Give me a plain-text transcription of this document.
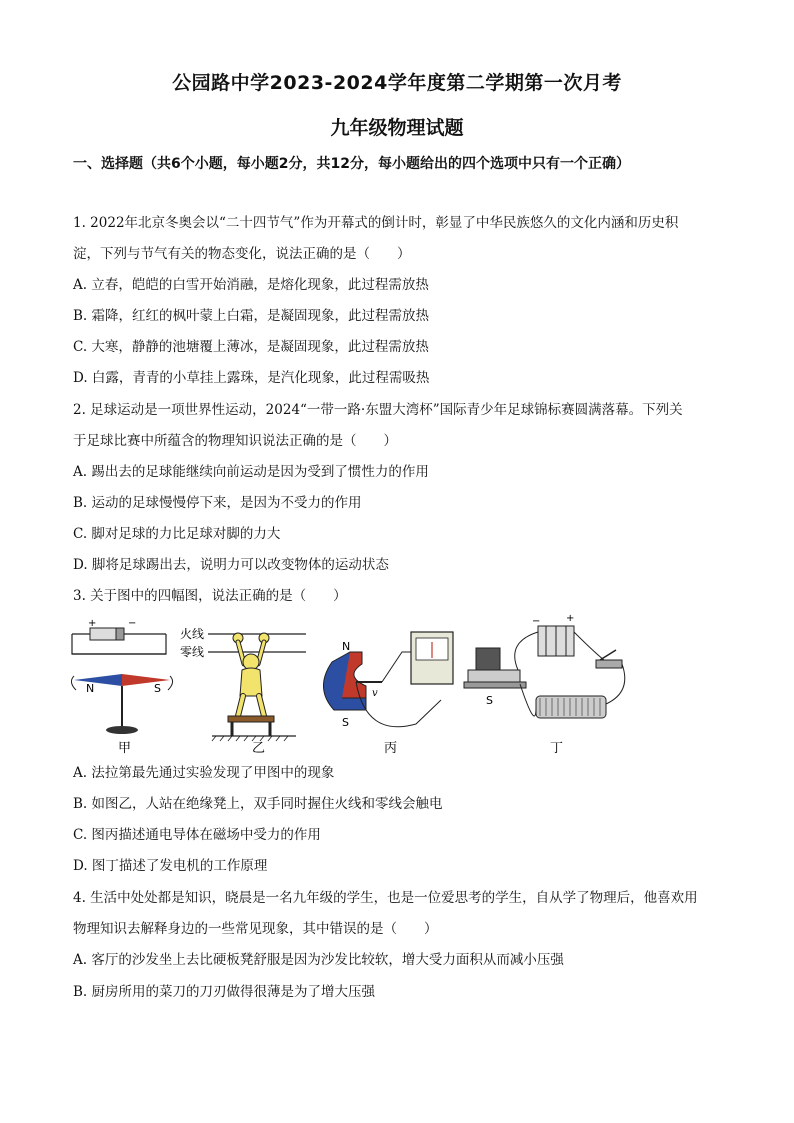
公园路中学2023-2024学年度第二学期第一次月考
九年级物理试题
一、选择题（共6个小题，每小题2分，共12分，每小题给出的四个选项中只有一个正确）
1. 2022年北京冬奥会以“二十四节气”作为开幕式的倒计时，彰显了中华民族悠久的文化内涵和历史积
淀，下列与节气有关的物态变化，说法正确的是（　　）
A. 立春，皑皑的白雪开始消融，是熔化现象，此过程需放热
B. 霜降，红红的枫叶蒙上白霜，是凝固现象，此过程需放热
C. 大寒，静静的池塘覆上薄冰，是凝固现象，此过程需放热
D. 白露，青青的小草挂上露珠，是汽化现象，此过程需吸热
2. 足球运动是一项世界性运动，2024“一带一路·东盟大湾杯”国际青少年足球锦标赛圆满落幕。下列关
于足球比赛中所蕴含的物理知识说法正确的是（　　）
A. 踢出去的足球能继续向前运动是因为受到了惯性力的作用
B. 运动的足球慢慢停下来，是因为不受力的作用
C. 脚对足球的力比足球对脚的力大
D. 脚将足球踢出去，说明力可以改变物体的运动状态
3. 关于图中的四幅图，说法正确的是（　　）
+	−
N	S
甲
火线
零线
乙
N
S
v
丙
S
−	+
丁
A. 法拉第最先通过实验发现了甲图中的现象
B. 如图乙，人站在绝缘凳上，双手同时握住火线和零线会触电
C. 图丙描述通电导体在磁场中受力的作用
D. 图丁描述了发电机的工作原理
4. 生活中处处都是知识，晓晨是一名九年级的学生，也是一位爱思考的学生，自从学了物理后，他喜欢用
物理知识去解释身边的一些常见现象，其中错误的是（　　）
A. 客厅的沙发坐上去比硬板凳舒服是因为沙发比较软，增大受力面积从而减小压强
B. 厨房所用的菜刀的刀刃做得很薄是为了增大压强
